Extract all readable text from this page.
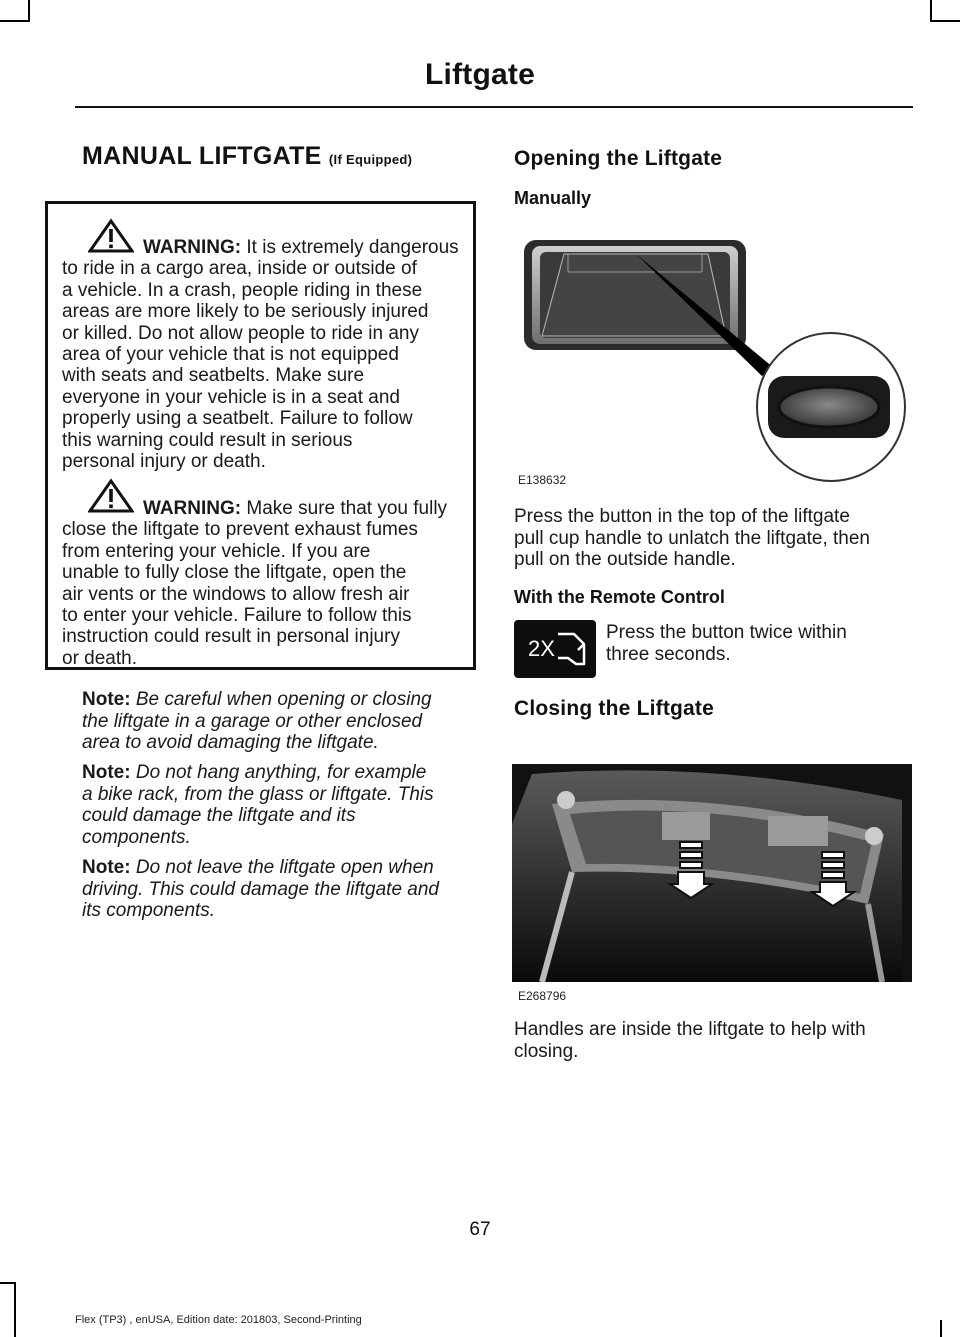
Liftgate
MANUAL LIFTGATE (If Equipped)

WARNING: It is extremely dangerous

to ride in a cargo area, inside or outside of

a vehicle. In a crash, people riding in these

areas are more likely to be seriously injured

or killed. Do not allow people to ride in any

area of your vehicle that is not equipped

with seats and seatbelts. Make sure

everyone in your vehicle is in a seat and

properly using a seatbelt. Failure to follow

this warning could result in serious

personal injury or death.

WARNING: Make sure that you fully

close the liftgate to prevent exhaust fumes

from entering your vehicle. If you are

unable to fully close the liftgate, open the

air vents or the windows to allow fresh air

to enter your vehicle. Failure to follow this

instruction could result in personal injury

or death.

Note: Be careful when opening or closing

the liftgate in a garage or other enclosed

area to avoid damaging the liftgate.

Note: Do not hang anything, for example

a bike rack, from the glass or liftgate. This

could damage the liftgate and its

components.

Note: Do not leave the liftgate open when

driving. This could damage the liftgate and

its components.

Opening the Liftgate
Manually
E138632

Press the button in the top of the liftgate

pull cup handle to unlatch the liftgate, then

pull on the outside handle.

With the Remote Control
2X

Press the button twice within

three seconds.

Closing the Liftgate
E268796

Handles are inside the liftgate to help with

closing.

67
Flex (TP3) , enUSA, Edition date: 201803, Second-Printing
